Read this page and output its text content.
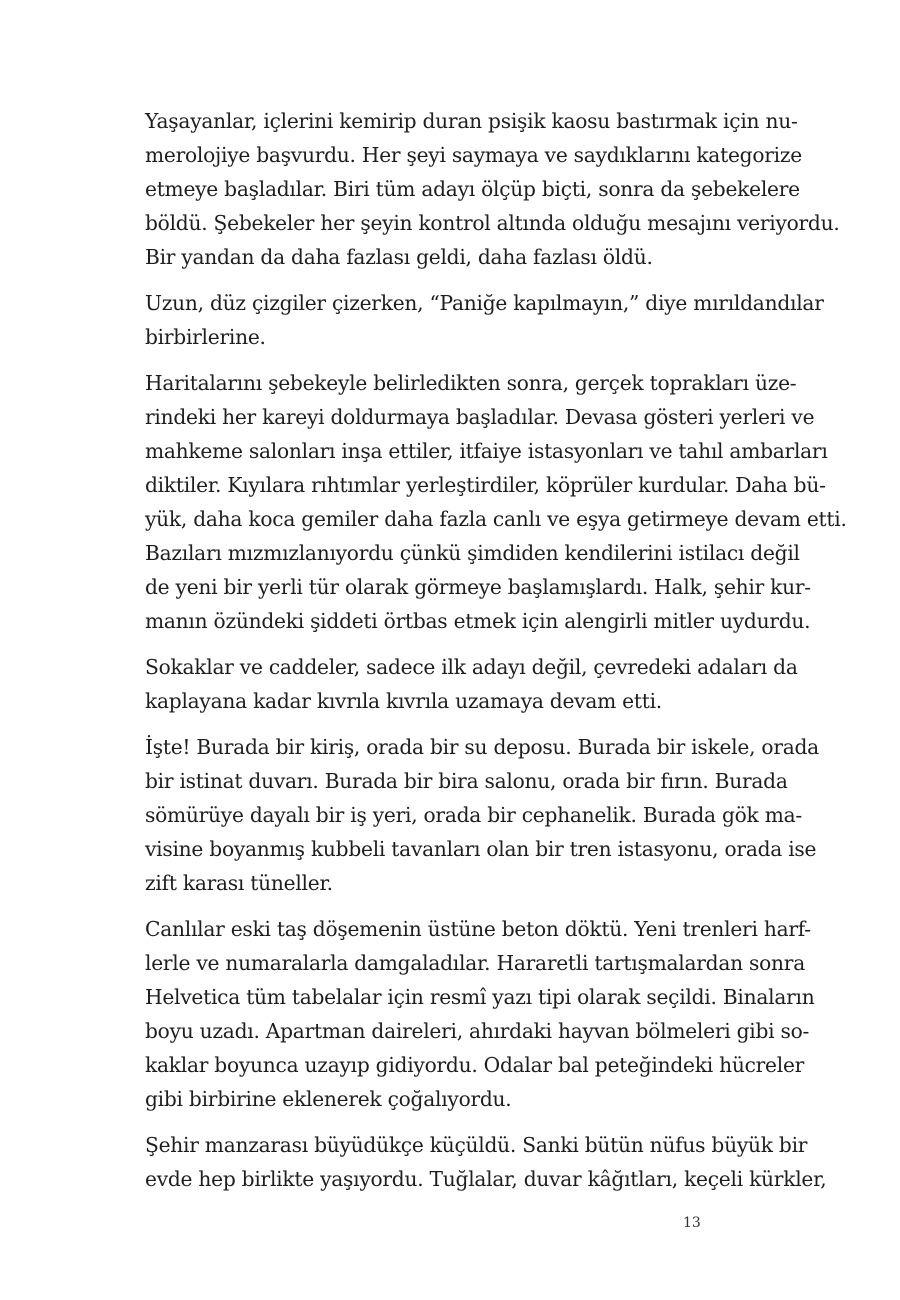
Yaşayanlar, içlerini kemirip duran psişik kaosu bastırmak için nu-
merolojiye başvurdu. Her şeyi saymaya ve saydıklarını kategorize
etmeye başladılar. Biri tüm adayı ölçüp biçti, sonra da şebekelere
böldü. Şebekeler her şeyin kontrol altında olduğu mesajını veriyordu.
Bir yandan da daha fazlası geldi, daha fazlası öldü.
Uzun, düz çizgiler çizerken, “Paniğe kapılmayın,” diye mırıldandılar
birbirlerine.
Haritalarını şebekeyle belirledikten sonra, gerçek toprakları üze-
rindeki her kareyi doldurmaya başladılar. Devasa gösteri yerleri ve
mahkeme salonları inşa ettiler, itfaiye istasyonları ve tahıl ambarları
diktiler. Kıyılara rıhtımlar yerleştirdiler, köprüler kurdular. Daha bü-
yük, daha koca gemiler daha fazla canlı ve eşya getirmeye devam etti.
Bazıları mızmızlanıyordu çünkü şimdiden kendilerini istilacı değil
de yeni bir yerli tür olarak görmeye başlamışlardı. Halk, şehir kur-
manın özündeki şiddeti örtbas etmek için alengirli mitler uydurdu.
Sokaklar ve caddeler, sadece ilk adayı değil, çevredeki adaları da
kaplayana kadar kıvrıla kıvrıla uzamaya devam etti.
İşte! Burada bir kiriş, orada bir su deposu. Burada bir iskele, orada
bir istinat duvarı. Burada bir bira salonu, orada bir fırın. Burada
sömürüye dayalı bir iş yeri, orada bir cephanelik. Burada gök ma-
visine boyanmış kubbeli tavanları olan bir tren istasyonu, orada ise
zift karası tüneller.
Canlılar eski taş döşemenin üstüne beton döktü. Yeni trenleri harf-
lerle ve numaralarla damgaladılar. Hararetli tartışmalardan sonra
Helvetica tüm tabelalar için resmî yazı tipi olarak seçildi. Binaların
boyu uzadı. Apartman daireleri, ahırdaki hayvan bölmeleri gibi so-
kaklar boyunca uzayıp gidiyordu. Odalar bal peteğindeki hücreler
gibi birbirine eklenerek çoğalıyordu.
Şehir manzarası büyüdükçe küçüldü. Sanki bütün nüfus büyük bir
evde hep birlikte yaşıyordu. Tuğlalar, duvar kâğıtları, keçeli kürkler,
13
